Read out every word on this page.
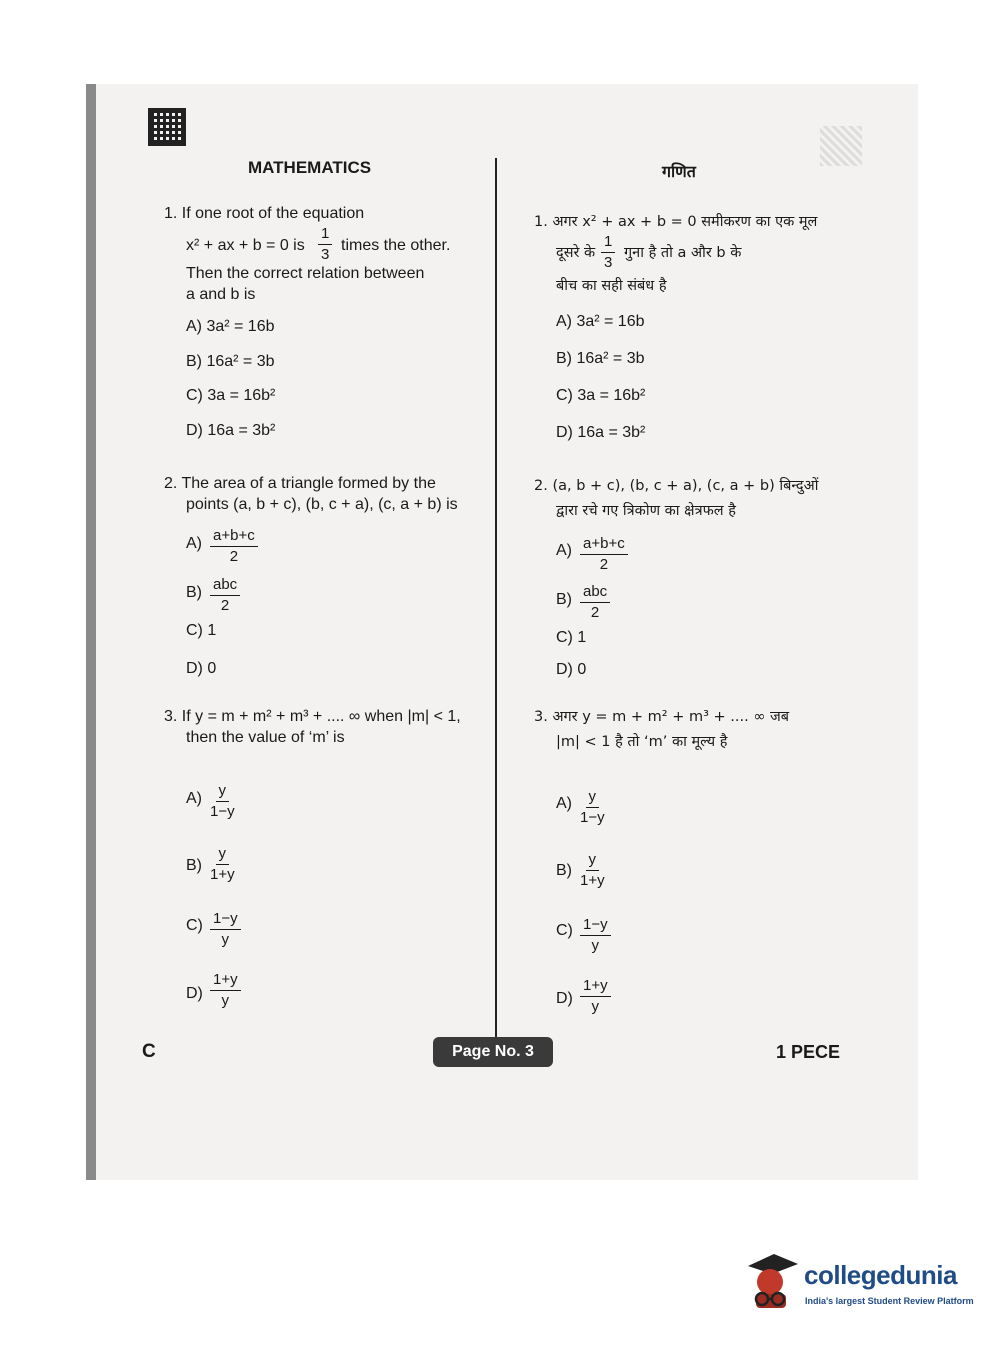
MATHEMATICS
1. If one root of the equation
x² + ax + b = 0 is $\frac{1}{3}$ times the other.
Then the correct relation between
a and b is
A) 3a² = 16b
B) 16a² = 3b
C) 3a = 16b²
D) 16a = 3b²
2. The area of a triangle formed by the
points (a, b + c), (b, c + a), (c, a + b) is
$A) \frac{a+b+c}{2}$
B) abc
2
C) 1
D) 0
3. If y = m + m² + m³ + .... ∞ when |m| < 1,
then the value of ‘m’ is
$A) \frac{y}{1-y}$
$B) \frac{y}{1+y}$
$C) \frac{1-y}{y}$
$D) \frac{1+y}{y}$
गणित
1. अगर x² + ax + b = 0 समीकरण का एक मूल
दूसरे के $\frac{1}{3}$ गुना है तो a और b के
बीच का सही संबंध है
A) 3a² = 16b
B) 16a² = 3b
C) 3a = 16b²
D) 16a = 3b²
2. (a, b + c), (b, c + a), (c, a + b) बिन्दुओं
द्वारा रचे गए त्रिकोण का क्षेत्रफल है
$A) \frac{a+b+c}{2}$
B) abc
2
C) 1
D) 0
3. अगर y = m + m² + m³ + .... ∞ जब
|m| < 1 है तो ‘m’ का मूल्य है
$A) \frac{y}{1-y}$
$B) \frac{y}{1+y}$
$C) \frac{1-y}{y}$
$D) \frac{1+y}{y}$
C	Page No. 3	1 PECE
collegedunia
India's largest Student Review Platform
